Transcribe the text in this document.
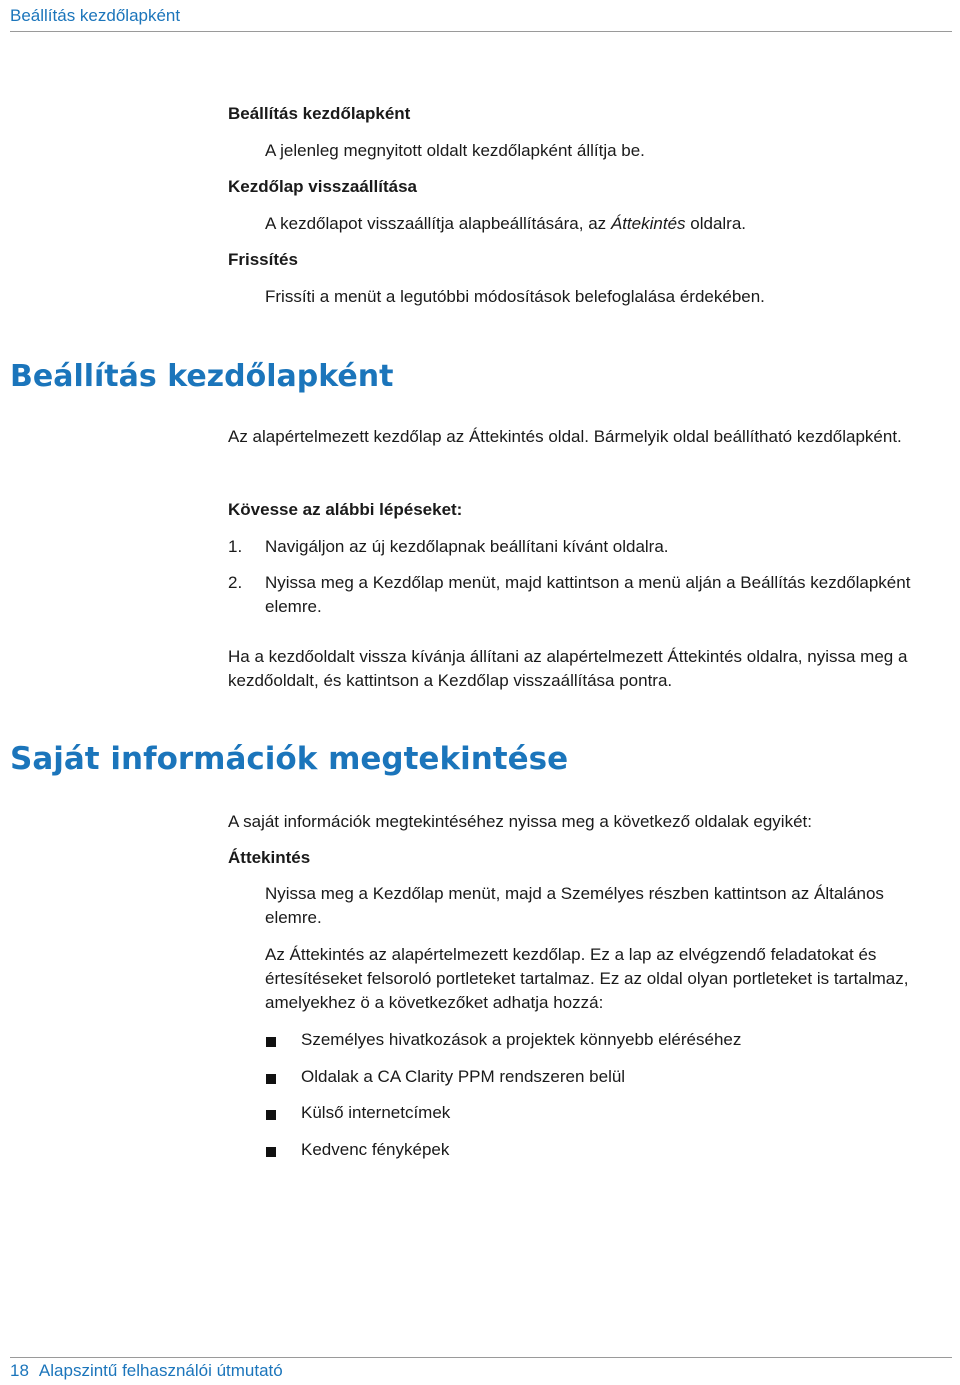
Beállítás kezdőlapként
Beállítás kezdőlapként
A jelenleg megnyitott oldalt kezdőlapként állítja be.
Kezdőlap visszaállítása
A kezdőlapot visszaállítja alapbeállítására, az Áttekintés oldalra.
Frissítés
Frissíti a menüt a legutóbbi módosítások belefoglalása érdekében.
Beállítás kezdőlapként
Az alapértelmezett kezdőlap az Áttekintés oldal. Bármelyik oldal beállítható kezdőlapként.
Kövesse az alábbi lépéseket:
1. Navigáljon az új kezdőlapnak beállítani kívánt oldalra.
2. Nyissa meg a Kezdőlap menüt, majd kattintson a menü alján a Beállítás kezdőlapként elemre.
Ha a kezdőoldalt vissza kívánja állítani az alapértelmezett Áttekintés oldalra, nyissa meg a kezdőoldalt, és kattintson a Kezdőlap visszaállítása pontra.
Saját információk megtekintése
A saját információk megtekintéséhez nyissa meg a következő oldalak egyikét:
Áttekintés
Nyissa meg a Kezdőlap menüt, majd a Személyes részben kattintson az Általános elemre.
Az Áttekintés az alapértelmezett kezdőlap. Ez a lap az elvégzendő feladatokat és értesítéseket felsoroló portleteket tartalmaz. Ez az oldal olyan portleteket is tartalmaz, amelyekhez ö a következőket adhatja hozzá:
Személyes hivatkozások a projektek könnyebb eléréséhez
Oldalak a CA Clarity PPM rendszeren belül
Külső internetcímek
Kedvenc fényképek
18 Alapszintű felhasználói útmutató
